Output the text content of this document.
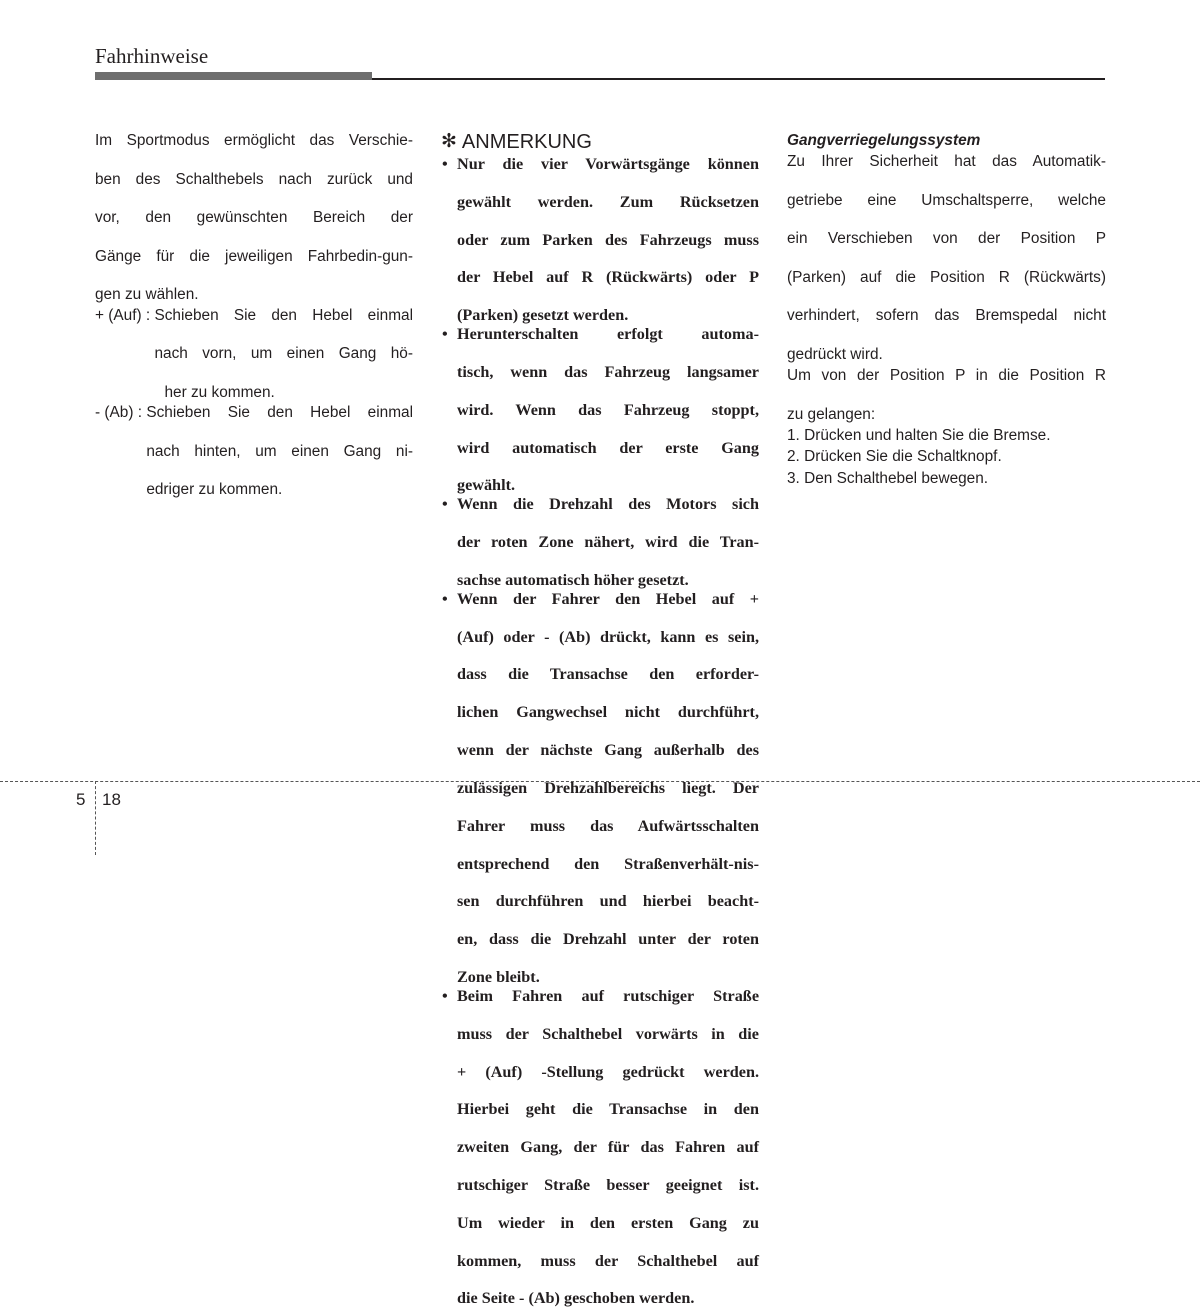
Fahrhinweise

Im Sportmodus ermöglicht das Verschie-

ben des Schalthebels nach zurück und

vor, den gewünschten Bereich der

Gänge für die jeweiligen Fahrbedin-gun-

gen zu wählen.

+ (Auf) : Schieben Sie den Hebel einmal

nach vorn, um einen Gang hö-

her zu kommen.

- (Ab) : Schieben Sie den Hebel einmal

nach hinten, um einen Gang ni-

edriger zu kommen.

✻ ANMERKUNG
• Nur die vier Vorwärtsgänge können
gewählt werden. Zum Rücksetzen
oder zum Parken des Fahrzeugs muss
der Hebel auf R (Rückwärts) oder P
(Parken) gesetzt werden.
• Herunterschalten erfolgt automa-
tisch, wenn das Fahrzeug langsamer
wird. Wenn das Fahrzeug stoppt,
wird automatisch der erste Gang
gewählt.
• Wenn die Drehzahl des Motors sich
der roten Zone nähert, wird die Tran-
sachse automatisch höher gesetzt.
• Wenn der Fahrer den Hebel auf +
(Auf) oder - (Ab) drückt, kann es sein,
dass die Transachse den erforder-
lichen Gangwechsel nicht durchführt,
wenn der nächste Gang außerhalb des
zulässigen Drehzahlbereichs liegt. Der
Fahrer muss das Aufwärtsschalten
entsprechend den Straßenverhält-nis-
sen durchführen und hierbei beacht-
en, dass die Drehzahl unter der roten
Zone bleibt.
• Beim Fahren auf rutschiger Straße
muss der Schalthebel vorwärts in die
+ (Auf) -Stellung gedrückt werden.
Hierbei geht die Transachse in den
zweiten Gang, der für das Fahren auf
rutschiger Straße besser geeignet ist.
Um wieder in den ersten Gang zu
kommen, muss der Schalthebel auf
die Seite - (Ab) geschoben werden.

Gangverriegelungssystem

Zu Ihrer Sicherheit hat das Automatik-

getriebe eine Umschaltsperre, welche

ein Verschieben von der Position P

(Parken) auf die Position R (Rückwärts)

verhindert, sofern das Bremspedal nicht

gedrückt wird.

Um von der Position P in die Position R

zu gelangen:

1. Drücken und halten Sie die Bremse.
2. Drücken Sie die Schaltknopf.
3. Den Schalthebel bewegen.
5 18
